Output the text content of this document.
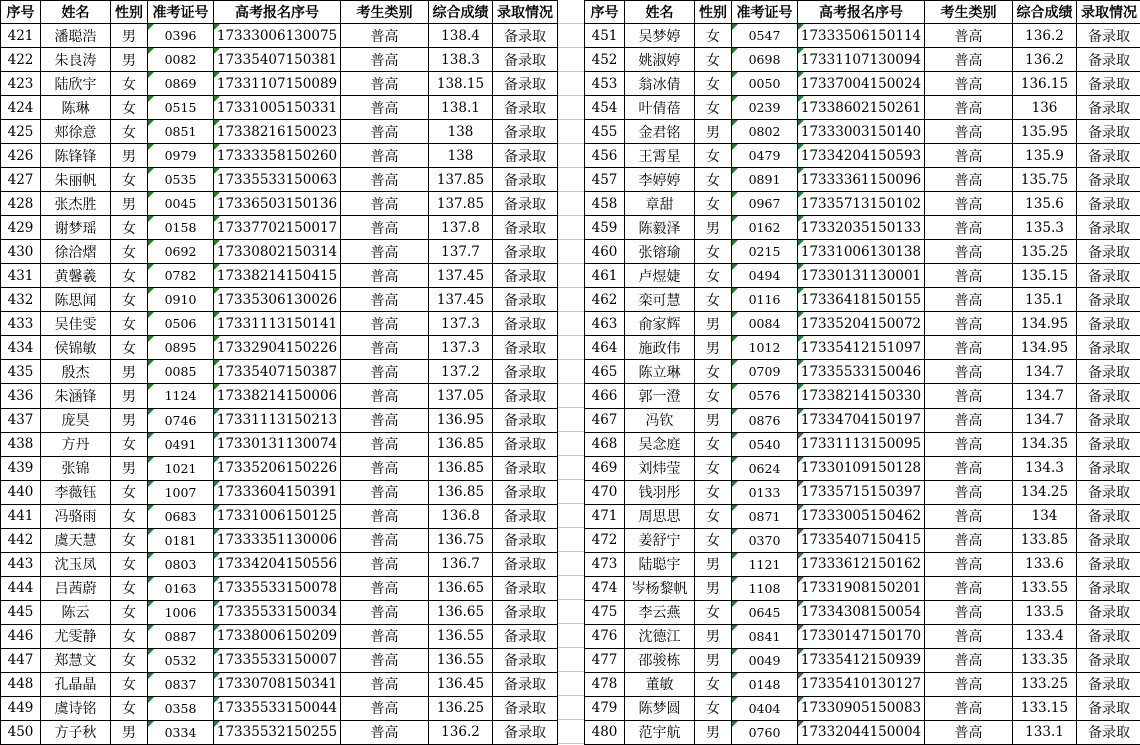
序号	姓名	性别	准考证号	高考报名序号	考生类别	综合成绩	录取情况
421	潘聪浩	男	0396	17333006130075	普高	138.4	备录取
422	朱良涛	男	0082	17335407150381	普高	138.3	备录取
423	陆欣宇	女	0869	17331107150089	普高	138.15	备录取
424	陈琳	女	0515	17331005150331	普高	138.1	备录取
425	郏徐意	女	0851	17338216150023	普高	138	备录取
426	陈锋锋	男	0979	17333358150260	普高	138	备录取
427	朱丽帆	女	0535	17335533150063	普高	137.85	备录取
428	张杰胜	男	0045	17336503150136	普高	137.85	备录取
429	谢梦瑶	女	0158	17337702150017	普高	137.8	备录取
430	徐洽熠	女	0692	17330802150314	普高	137.7	备录取
431	黄馨羲	女	0782	17338214150415	普高	137.45	备录取
432	陈思闻	女	0910	17335306130026	普高	137.45	备录取
433	吴佳雯	女	0506	17331113150141	普高	137.3	备录取
434	侯锦敏	女	0895	17332904150226	普高	137.3	备录取
435	殷杰	男	0085	17335407150387	普高	137.2	备录取
436	朱涵锋	男	1124	17338214150006	普高	137.05	备录取
437	庞昊	男	0746	17331113150213	普高	136.95	备录取
438	方丹	女	0491	17330131130074	普高	136.85	备录取
439	张锦	男	1021	17335206150226	普高	136.85	备录取
440	李薇钰	女	1007	17333604150391	普高	136.85	备录取
441	冯骆雨	女	0683	17331006150125	普高	136.8	备录取
442	虞天慧	女	0181	17333351130006	普高	136.75	备录取
443	沈玉凤	女	0803	17334204150556	普高	136.7	备录取
444	吕茜蔚	女	0163	17335533150078	普高	136.65	备录取
445	陈云	女	1006	17335533150034	普高	136.65	备录取
446	尤雯静	女	0887	17338006150209	普高	136.55	备录取
447	郑慧文	女	0532	17335533150007	普高	136.55	备录取
448	孔晶晶	女	0837	17330708150341	普高	136.45	备录取
449	虞诗铭	女	0358	17335533150044	普高	136.25	备录取
450	方子秋	男	0334	17335532150255	普高	136.2	备录取
序号	姓名	性别	准考证号	高考报名序号	考生类别	综合成绩	录取情况
451	吴梦婷	女	0547	17333506150114	普高	136.2	备录取
452	姚淑婷	女	0698	17331107130094	普高	136.2	备录取
453	翁冰倩	女	0050	17337004150024	普高	136.15	备录取
454	叶倩蓓	女	0239	17338602150261	普高	136	备录取
455	金君铭	男	0802	17333003150140	普高	135.95	备录取
456	王霄星	女	0479	17334204150593	普高	135.9	备录取
457	李婷婷	女	0891	17333361150096	普高	135.75	备录取
458	章甜	女	0967	17335713150102	普高	135.6	备录取
459	陈毅泽	男	0162	17332035150133	普高	135.3	备录取
460	张镕瑜	女	0215	17331006130138	普高	135.25	备录取
461	卢煜婕	女	0494	17330131130001	普高	135.15	备录取
462	栾可慧	女	0116	17336418150155	普高	135.1	备录取
463	俞家辉	男	0084	17335204150072	普高	134.95	备录取
464	施政伟	男	1012	17335412151097	普高	134.95	备录取
465	陈立琳	女	0709	17335533150046	普高	134.7	备录取
466	郭一澄	女	0576	17338214150330	普高	134.7	备录取
467	冯钦	男	0876	17334704150197	普高	134.7	备录取
468	吴念庭	女	0540	17331113150095	普高	134.35	备录取
469	刘炜莹	女	0624	17330109150128	普高	134.3	备录取
470	钱羽彤	女	0133	17335715150397	普高	134.25	备录取
471	周思思	女	0871	17333005150462	普高	134	备录取
472	姜舒宁	女	0370	17335407150415	普高	133.85	备录取
473	陆聪宇	男	1121	17333612150162	普高	133.6	备录取
474	岑杨黎帆	男	1108	17331908150201	普高	133.55	备录取
475	李云燕	女	0645	17334308150054	普高	133.5	备录取
476	沈德江	男	0841	17330147150170	普高	133.4	备录取
477	邵骏栋	男	0049	17335412150939	普高	133.35	备录取
478	董敏	女	0148	17335410130127	普高	133.25	备录取
479	陈梦圆	女	0404	17330905150083	普高	133.15	备录取
480	范宇航	男	0760	17332044150004	普高	133.1	备录取
